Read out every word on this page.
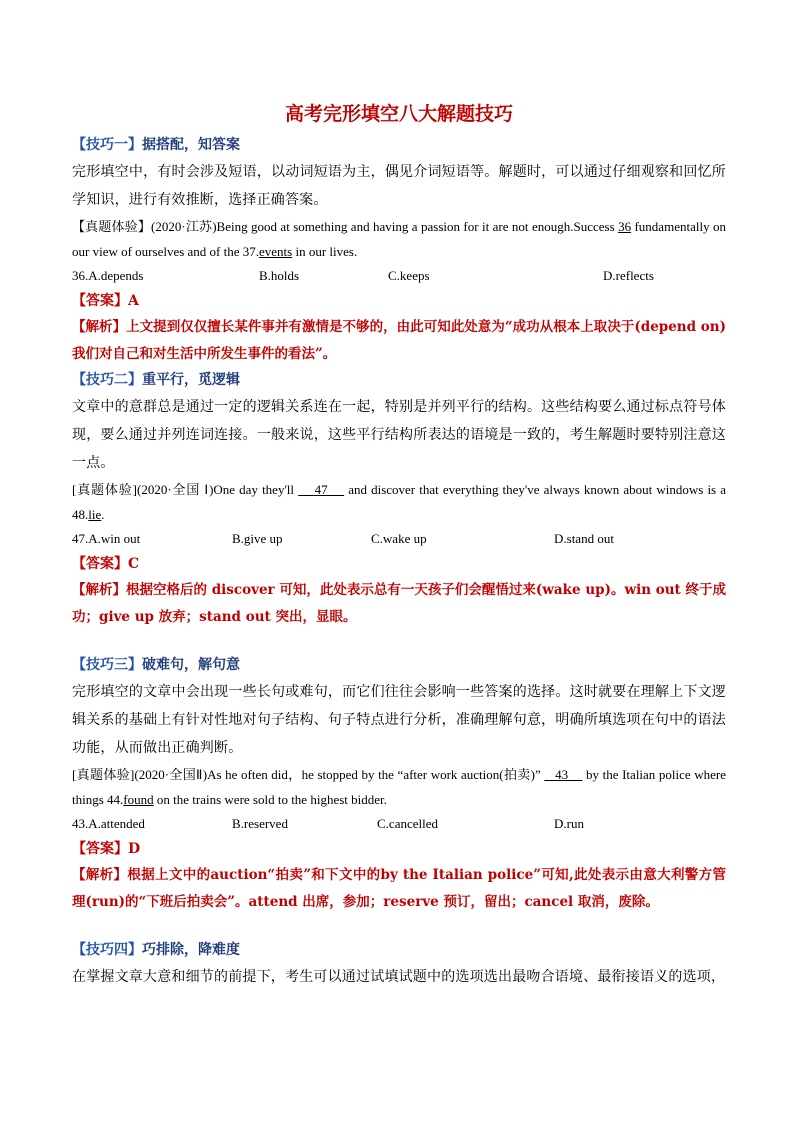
高考完形填空八大解题技巧

【技巧一】据搭配，知答案

完形填空中，有时会涉及短语，以动词短语为主，偶见介词短语等。解题时，可以通过仔细观察和回忆所学知识，进行有效推断，选择正确答案。

【真题体验】(2020·江苏)Being good at something and having a passion for it are not enough.Success 36 fundamentally on our view of ourselves and of the 37.events in our lives.

36.A.depends	B.holds	C.keeps	D.reflects

【答案】A

【解析】上文提到仅仅擅长某件事并有激情是不够的，由此可知此处意为“成功从根本上取决于(depend on)我们对自己和对生活中所发生事件的看法”。

【技巧二】重平行，觅逻辑

文章中的意群总是通过一定的逻辑关系连在一起，特别是并列平行的结构。这些结构要么通过标点符号体现，要么通过并列连词连接。一般来说，这些平行结构所表达的语境是一致的，考生解题时要特别注意这一点。

[真题体验](2020·全国 Ⅰ)One day they'll     47     and discover that everything they've always known about windows is a 48.lie.

47.A.win out	B.give up	C.wake up	D.stand out

【答案】C

【解析】根据空格后的 discover 可知，此处表示总有一天孩子们会醒悟过来(wake up)。win out 终于成功；give up 放弃；stand out 突出，显眼。

【技巧三】破难句，解句意

完形填空的文章中会出现一些长句或难句，而它们往往会影响一些答案的选择。这时就要在理解上下文逻辑关系的基础上有针对性地对句子结构、句子特点进行分析，准确理解句意，明确所填选项在句中的语法功能，从而做出正确判断。

[真题体验](2020·全国Ⅱ)As he often did，he stopped by the “after work auction(拍卖)”    43     by the Italian police where things 44.found on the trains were sold to the highest bidder.

43.A.attended	B.reserved	C.cancelled	D.run

【答案】D

【解析】根据上文中的auction“拍卖”和下文中的by the Italian police”可知,此处表示由意大利警方管理(run)的“下班后拍卖会”。attend 出席，参加；reserve 预订，留出；cancel 取消，废除。

【技巧四】巧排除，降难度

在掌握文章大意和细节的前提下，考生可以通过试填试题中的选项选出最吻合语境、最衔接语义的选项，
